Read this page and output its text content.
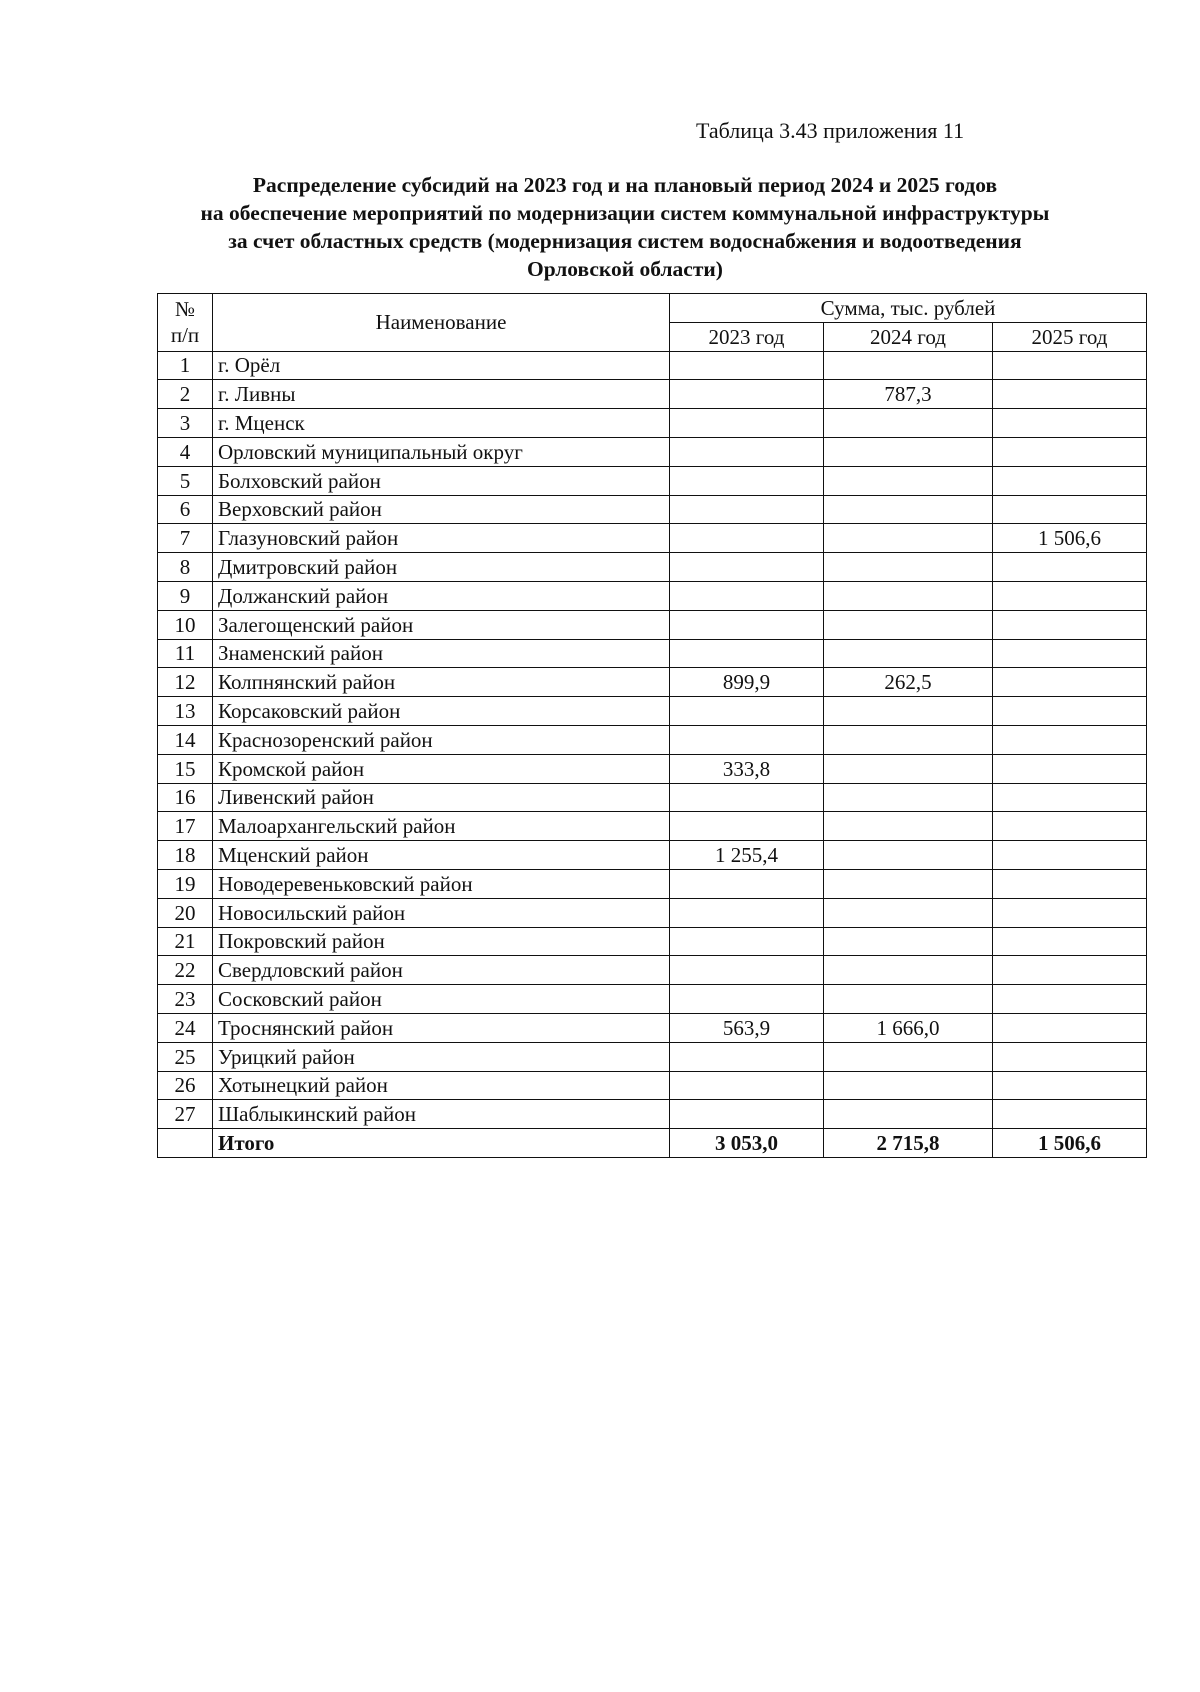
Таблица 3.43 приложения 11
Распределение субсидий на 2023 год и на плановый период 2024 и 2025 годов
на обеспечение мероприятий по модернизации систем коммунальной инфраструктуры
за счет областных средств (модернизация систем водоснабжения и водоотведения
Орловской области)
№
п/п	Наименование	Сумма, тыс. рублей		
		2023 год	2024 год	2025 год
1	г. Орёл			
2	г. Ливны		787,3	
3	г. Мценск			
4	Орловский муниципальный округ			
5	Болховский район			
6	Верховский район			
7	Глазуновский район			1 506,6
8	Дмитровский район			
9	Должанский район			
10	Залегощенский район			
11	Знаменский район			
12	Колпнянский район	899,9	262,5	
13	Корсаковский район			
14	Краснозоренский район			
15	Кромской район	333,8		
16	Ливенский район			
17	Малоархангельский район			
18	Мценский район	1 255,4		
19	Новодеревеньковский район			
20	Новосильский район			
21	Покровский район			
22	Свердловский район			
23	Сосковский район			
24	Троснянский район	563,9	1 666,0	
25	Урицкий район			
26	Хотынецкий район			
27	Шаблыкинский район			
	Итого	3 053,0	2 715,8	1 506,6
